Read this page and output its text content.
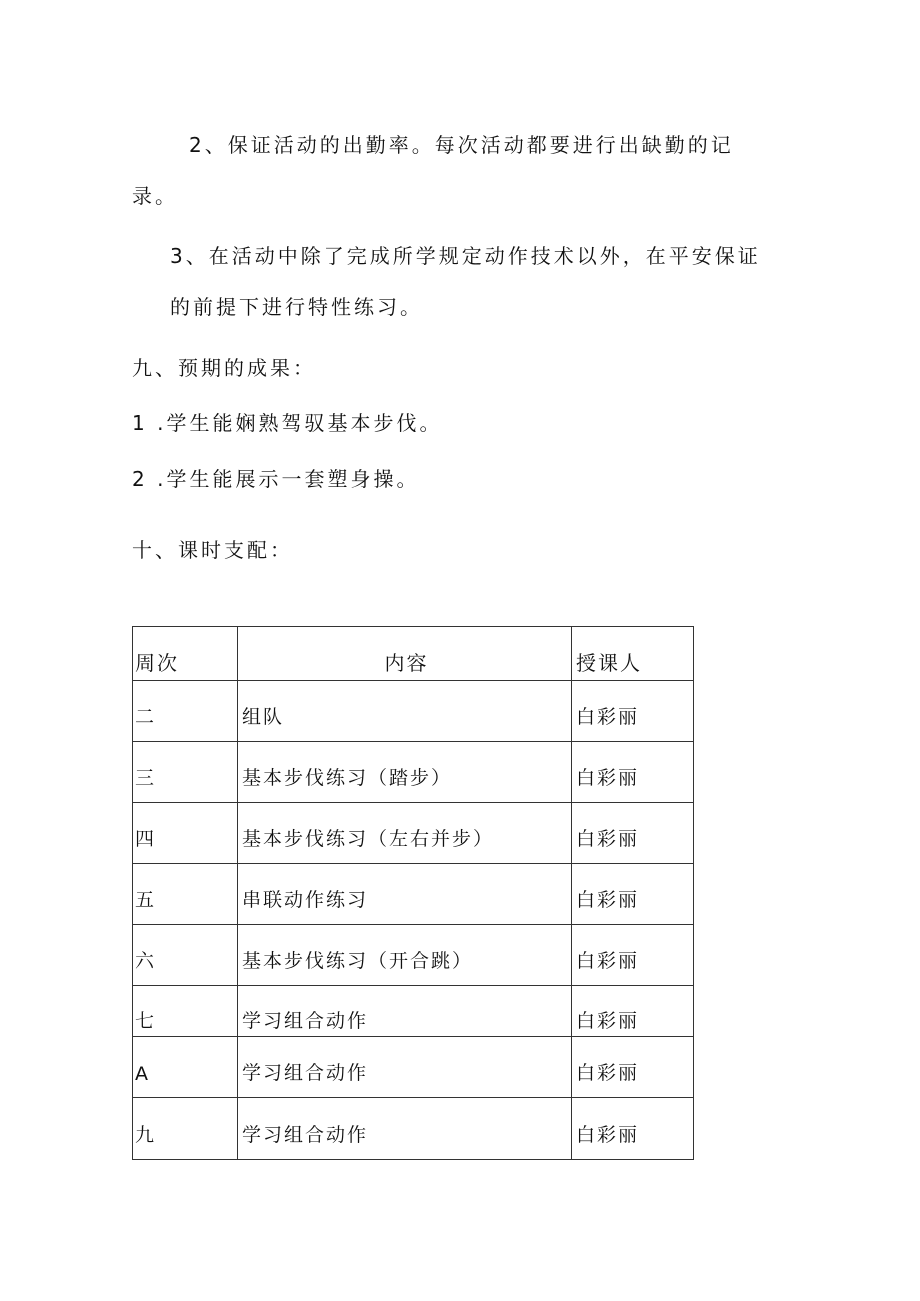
2、保证活动的出勤率。每次活动都要进行出缺勤的记
录。
3、在活动中除了完成所学规定动作技术以外，在平安保证
的前提下进行特性练习。
九、预期的成果：
1 .学生能娴熟驾驭基本步伐。
2 .学生能展示一套塑身操。
十、课时支配：
周次	内容	授课人
二	组队	白彩丽
三	基本步伐练习（踏步）	白彩丽
四	基本步伐练习（左右并步）	白彩丽
五	串联动作练习	白彩丽
六	基本步伐练习（开合跳）	白彩丽
七	学习组合动作	白彩丽
A	学习组合动作	白彩丽
九	学习组合动作	白彩丽
